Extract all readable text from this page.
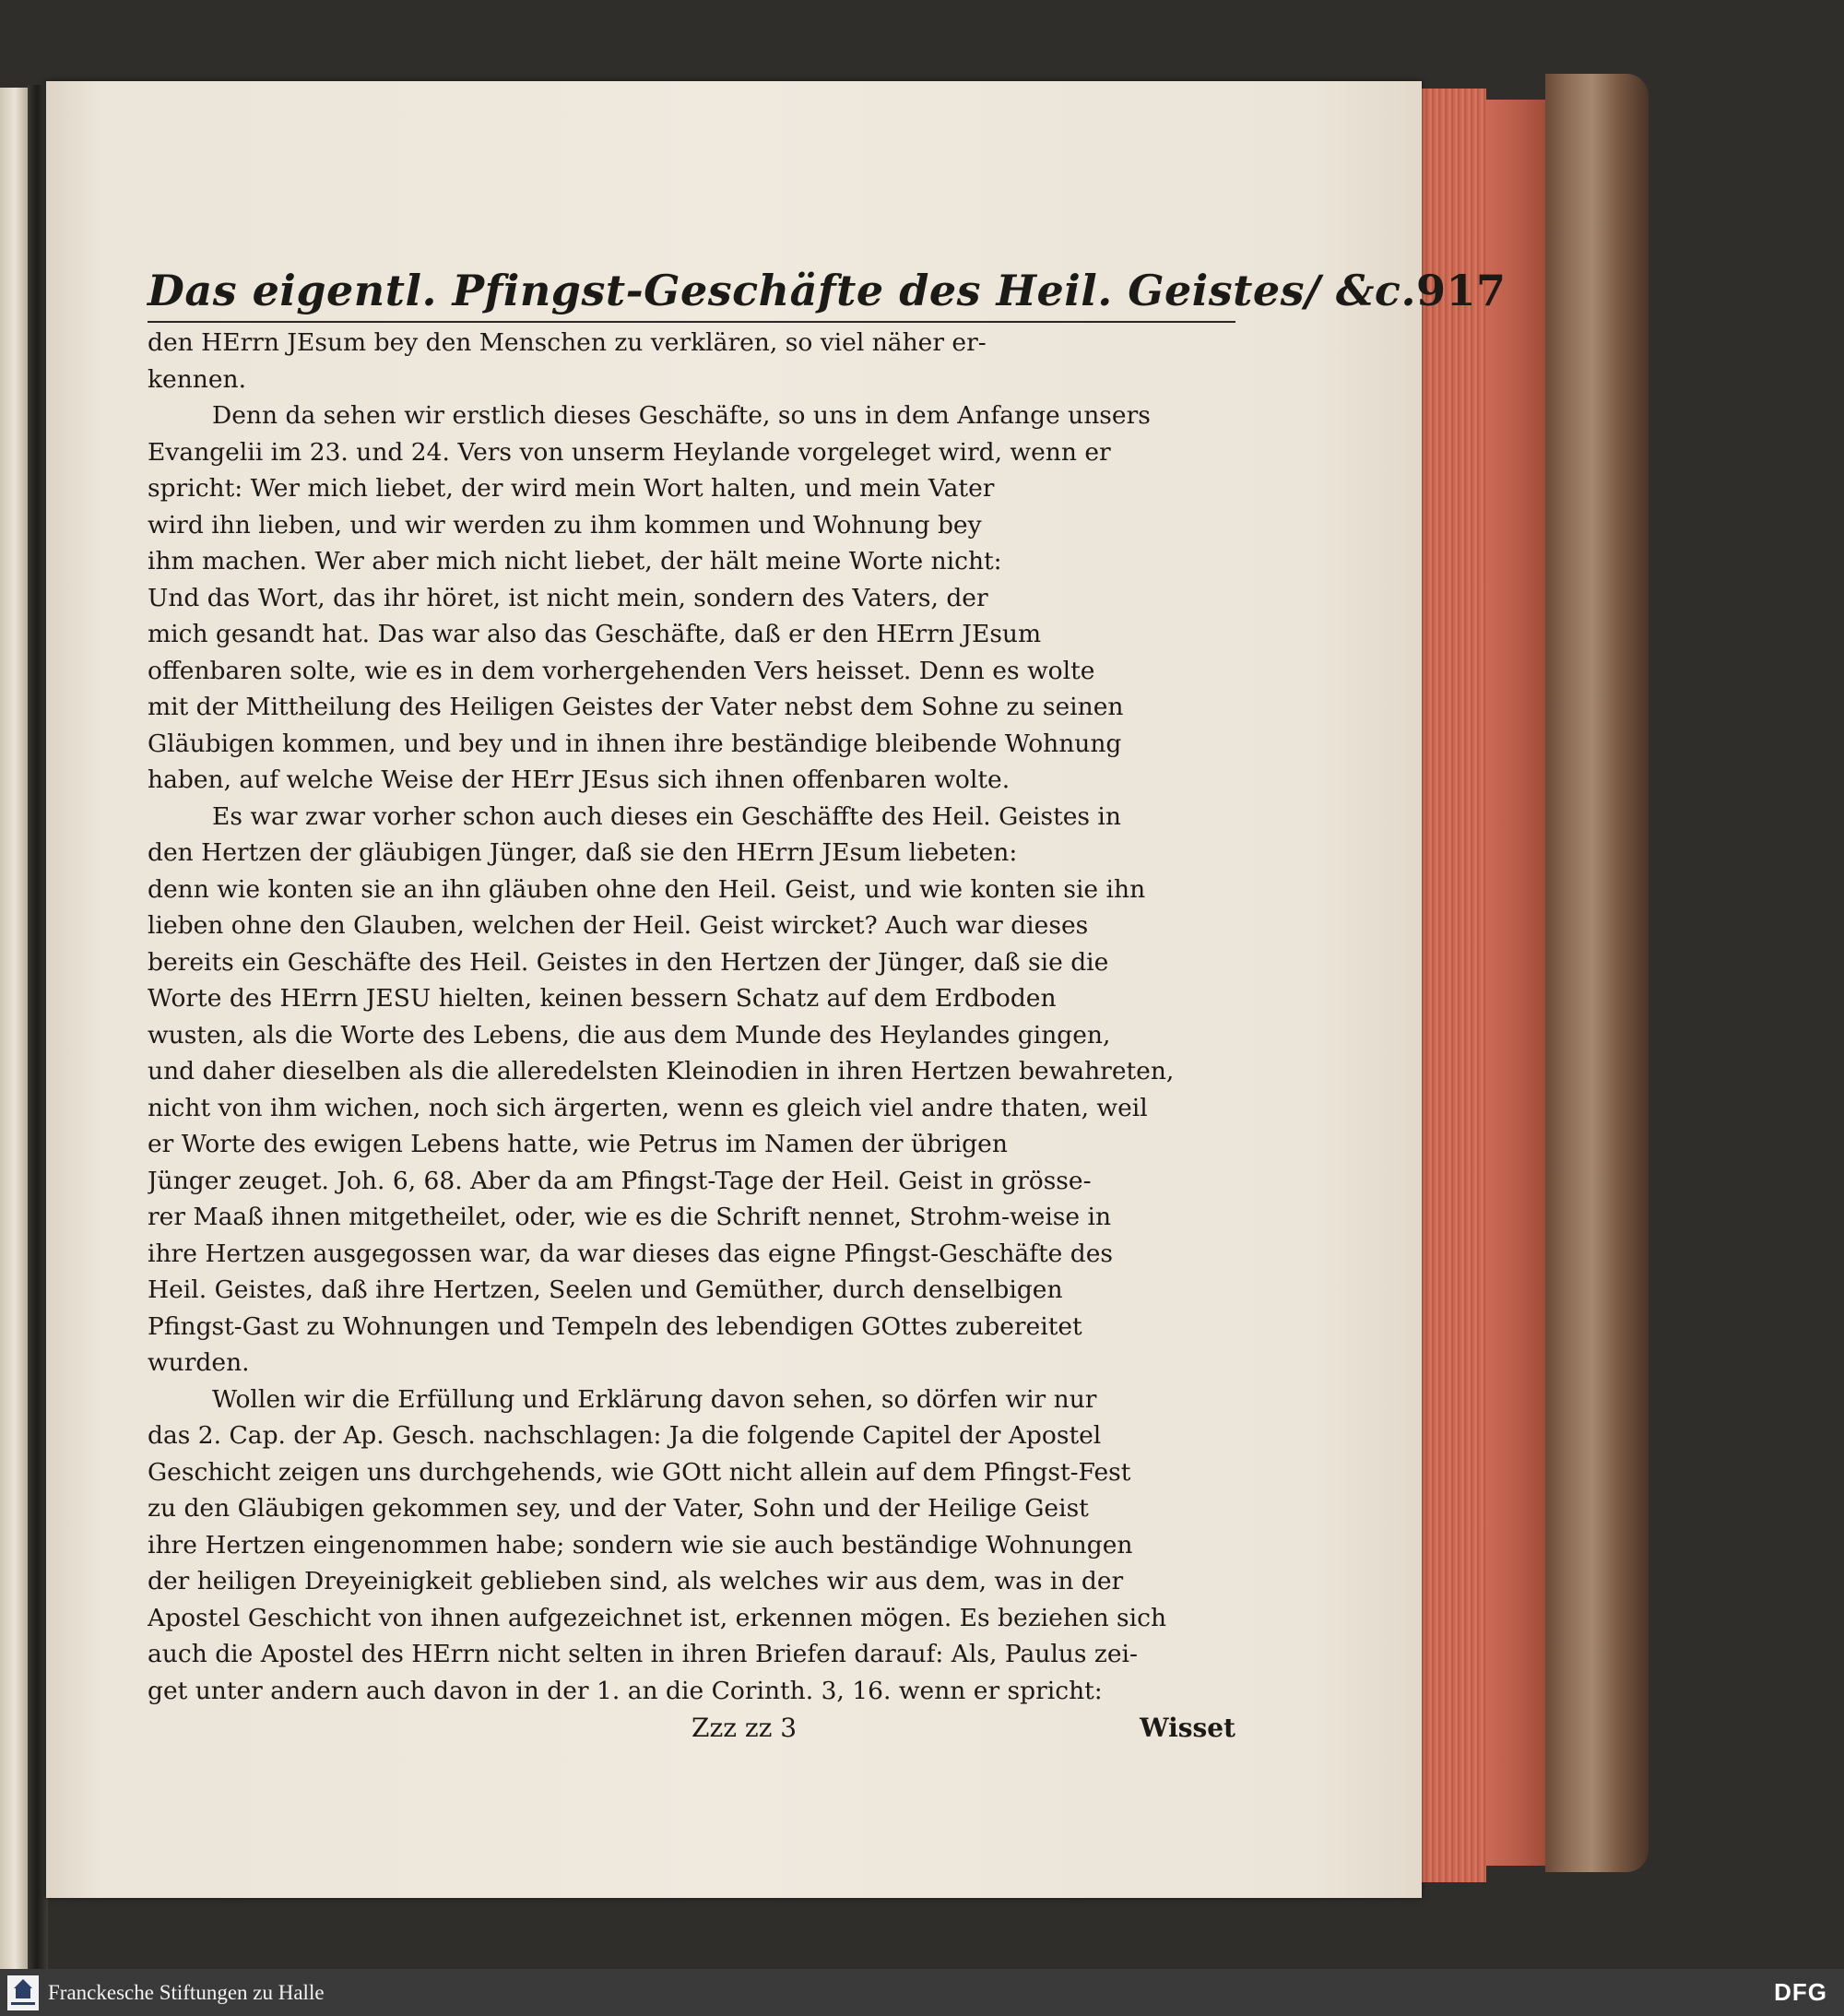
Das eigentl. Pfingst-Geschäfte des Heil. Geistes/ &c. 917
den HErrn JEsum bey den Menschen zu verklären, so viel näher er-
kennen.
Denn da sehen wir erstlich dieses Geschäfte, so uns in dem Anfange unsers
Evangelii im 23. und 24. Vers von unserm Heylande vorgeleget wird, wenn er
spricht: Wer mich liebet, der wird mein Wort halten, und mein Vater
wird ihn lieben, und wir werden zu ihm kommen und Wohnung bey
ihm machen. Wer aber mich nicht liebet, der hält meine Worte nicht:
Und das Wort, das ihr höret, ist nicht mein, sondern des Vaters, der
mich gesandt hat. Das war also das Geschäfte, daß er den HErrn JEsum
offenbaren solte, wie es in dem vorhergehenden Vers heisset. Denn es wolte
mit der Mittheilung des Heiligen Geistes der Vater nebst dem Sohne zu seinen
Gläubigen kommen, und bey und in ihnen ihre beständige bleibende Wohnung
haben, auf welche Weise der HErr JEsus sich ihnen offenbaren wolte.
Es war zwar vorher schon auch dieses ein Geschäffte des Heil. Geistes in
den Hertzen der gläubigen Jünger, daß sie den HErrn JEsum liebeten:
denn wie konten sie an ihn gläuben ohne den Heil. Geist, und wie konten sie ihn
lieben ohne den Glauben, welchen der Heil. Geist wircket? Auch war dieses
bereits ein Geschäfte des Heil. Geistes in den Hertzen der Jünger, daß sie die
Worte des HErrn JESU hielten, keinen bessern Schatz auf dem Erdboden
wusten, als die Worte des Lebens, die aus dem Munde des Heylandes gingen,
und daher dieselben als die alleredelsten Kleinodien in ihren Hertzen bewahreten,
nicht von ihm wichen, noch sich ärgerten, wenn es gleich viel andre thaten, weil
er Worte des ewigen Lebens hatte, wie Petrus im Namen der übrigen
Jünger zeuget. Joh. 6, 68. Aber da am Pfingst-Tage der Heil. Geist in grösse-
rer Maaß ihnen mitgetheilet, oder, wie es die Schrift nennet, Strohm-weise in
ihre Hertzen ausgegossen war, da war dieses das eigne Pfingst-Geschäfte des
Heil. Geistes, daß ihre Hertzen, Seelen und Gemüther, durch denselbigen
Pfingst-Gast zu Wohnungen und Tempeln des lebendigen GOttes zubereitet
wurden.
Wollen wir die Erfüllung und Erklärung davon sehen, so dörfen wir nur
das 2. Cap. der Ap. Gesch. nachschlagen: Ja die folgende Capitel der Apostel
Geschicht zeigen uns durchgehends, wie GOtt nicht allein auf dem Pfingst-Fest
zu den Gläubigen gekommen sey, und der Vater, Sohn und der Heilige Geist
ihre Hertzen eingenommen habe; sondern wie sie auch beständige Wohnungen
der heiligen Dreyeinigkeit geblieben sind, als welches wir aus dem, was in der
Apostel Geschicht von ihnen aufgezeichnet ist, erkennen mögen. Es beziehen sich
auch die Apostel des HErrn nicht selten in ihren Briefen darauf: Als, Paulus zei-
get unter andern auch davon in der 1. an die Corinth. 3, 16. wenn er spricht:
Zzz zz 3	Wisset
Franckesche Stiftungen zu Halle	DFG
